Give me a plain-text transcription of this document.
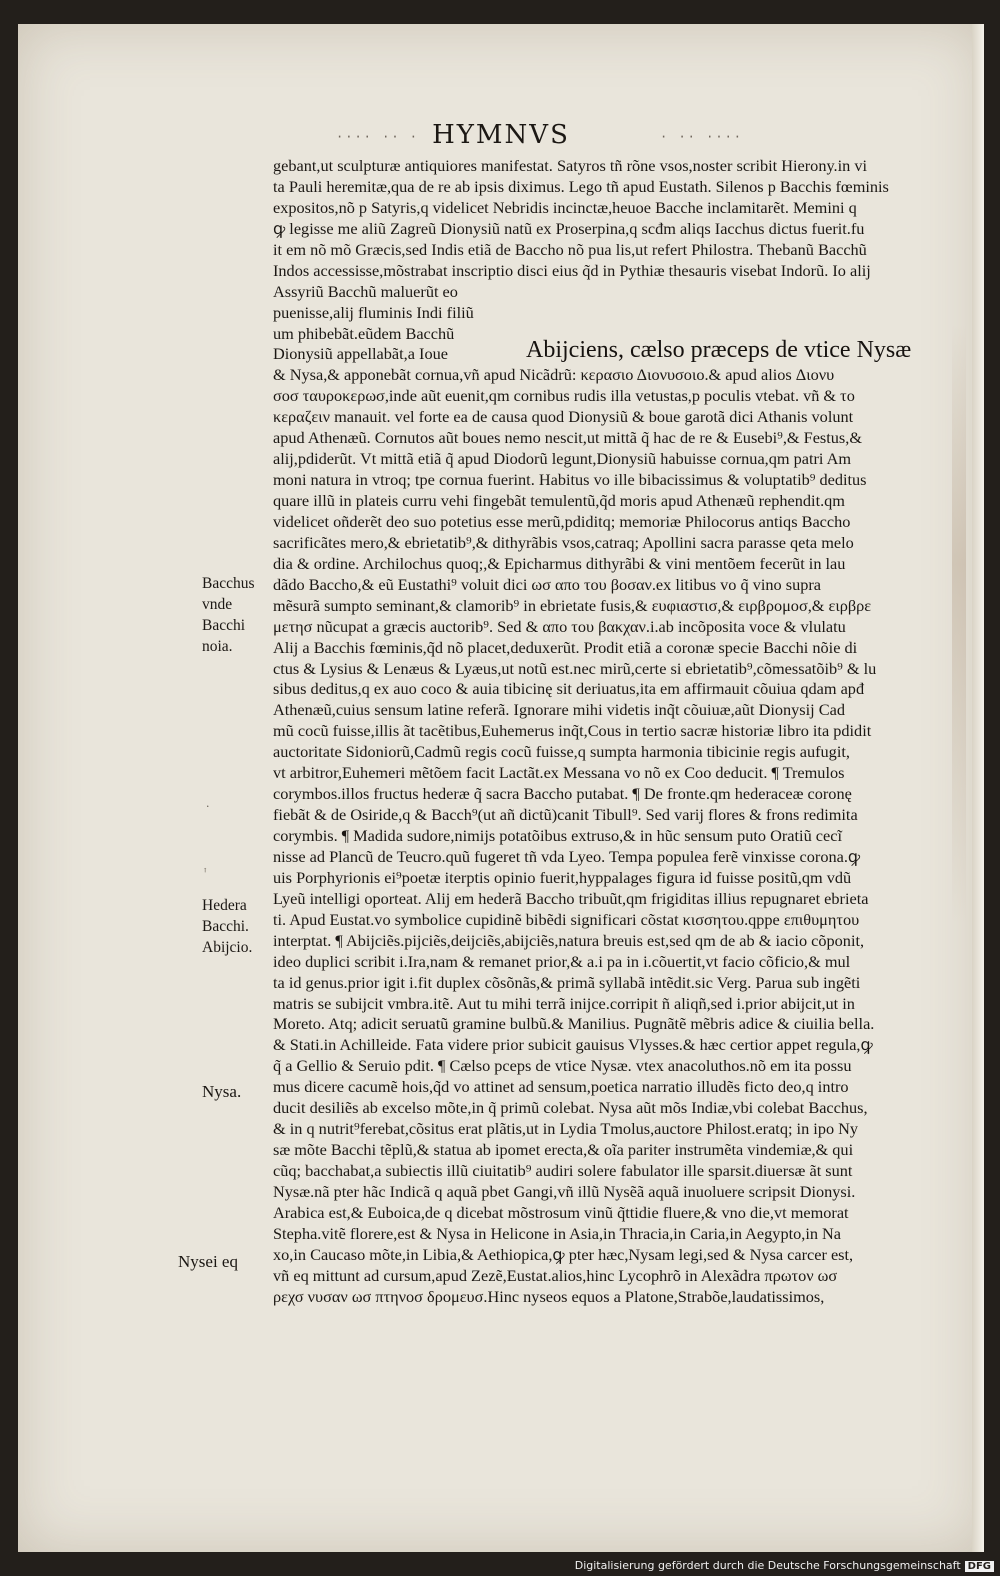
···· ·· ·	· ·· ····
HYMNVS
Abijciens, cælso præceps de vtice Nysæ
gebant,ut sculpturæ antiquiores manifestat. Satyros tñ rõne vsos,noster scribit Hierony.in vi
ta Pauli heremitæ,qua de re ab ipsis diximus. Lego tñ apud Eustath. Silenos p Bacchis fœminis
expositos,nõ p Satyris,q videlicet Nebridis incinctæ,heuoe Bacche inclamitarẽt. Memini q
ꝙ legisse me aliũ Zagreũ Dionysiũ natũ ex Proserpina,q scđm aliqs Iacchus dictus fuerit.fu
it em nõ mõ Græcis,sed Indis etiã de Baccho nõ pua lis,ut refert Philostra. Thebanũ Bacchũ
Indos accessisse,mõstrabat inscriptio disci eius q̃d in Pythiæ thesauris visebat Indorũ. Io alij
Assyriũ Bacchũ maluerũt eo
puenisse,alij fluminis Indi filiũ
um phibebãt.eũdem Bacchũ
Dionysiũ appellabãt,a Ioue
& Nysa,& apponebãt cornua,vñ apud Nicãdrũ: κερασιο Διονυσοιο.& apud alios Διονυ
σοσ ταυροκερωσ,inde aũt euenit,qm cornibus rudis illa vetustas,p poculis vtebat. vñ & το
κεραζειν manauit. vel forte ea de causa quod Dionysiũ & boue garotã dici Athanis volunt
apud Athenæũ. Cornutos aũt boues nemo nescit,ut mittã q̃ hac de re & Eusebi⁹,& Festus,&
alij,pdiderũt. Vt mittã etiã q̃ apud Diodorũ legunt,Dionysiũ habuisse cornua,qm patri Am
moni natura in vtroq; tpe cornua fuerint. Habitus vo ille bibacissimus & voluptatib⁹ deditus
quare illũ in plateis curru vehi fingebãt temulentũ,q̃d moris apud Athenæũ rephendit.qm
videlicet oñderẽt deo suo potetius esse merũ,pdiditq; memoriæ Philocorus antiqs Baccho
sacrificãtes mero,& ebrietatib⁹,& dithyrãbis vsos,catraq; Apollini sacra parasse qeta melo
dia & ordine. Archilochus quoq;,& Epicharmus dithyrãbi & vini mentõem fecerũt in lau
dãdo Baccho,& eũ Eustathi⁹ voluit dici ωσ απο του βοσαν.ex litibus vo q̃ vino supra
mẽsurã sumpto seminant,& clamorib⁹ in ebrietate fusis,& ευφιαστισ,& ειρβρομοσ,& ειρβρε
μετησ nũcupat a græcis auctorib⁹. Sed & απο του βακχαν.i.ab incõposita voce & vlulatu
Alij a Bacchis fœminis,q̃d nõ placet,deduxerũt. Prodit etiã a coronæ specie Bacchi nõie di
ctus & Lysius & Lenæus & Lyæus,ut notũ est.nec mirũ,certe si ebrietatib⁹,cõmessatõib⁹ & lu
sibus deditus,q ex auo coco & auia tibicinę sit deriuatus,ita em affirmauit cõuiua qdam apđ
Athenæũ,cuius sensum latine referã. Ignorare mihi videtis inq̃t cõuiuæ,aũt Dionysij Cad
mũ cocũ fuisse,illis ãt tacẽtibus,Euhemerus inq̃t,Cous in tertio sacræ historiæ libro ita pdidit
auctoritate Sidoniorũ,Cadmũ regis cocũ fuisse,q sumpta harmonia tibicinie regis aufugit,
vt arbitror,Euhemeri mẽtõem facit Lactãt.ex Messana vo nõ ex Coo deducit. ¶ Tremulos
corymbos.illos fructus hederæ q̃ sacra Baccho putabat. ¶ De fronte.qm hederaceæ coronę
fiebãt & de Osiride,q & Bacch⁹(ut añ dictũ)canit Tibull⁹. Sed varij flores & frons redimita
corymbis. ¶ Madida sudore,nimijs potatõibus extruso,& in hũc sensum puto Oratiũ cecĩ
nisse ad Plancũ de Teucro.quũ fugeret tñ vda Lyeo. Tempa populea ferẽ vinxisse corona.ꝙ
uis Porphyrionis ei⁹poetæ iterptis opinio fuerit,hyppalages figura id fuisse positũ,qm vdũ
Lyeũ intelligi oporteat. Alij em hederã Baccho tribuũt,qm frigiditas illius repugnaret ebrieta
ti. Apud Eustat.vo symbolice cupidinẽ bibẽdi significari cõstat κισσητου.qppe επιθυμητου
interptat. ¶ Abijciẽs.pijciẽs,deijciẽs,abijciẽs,natura breuis est,sed qm de ab & iacio cõponit,
ideo duplici scribit i.Ira,nam & remanet prior,& a.i pa in i.cõuertit,vt facio cõficio,& mul
ta id genus.prior igit i.fit duplex cõsõnãs,& primã syllabã intẽdit.sic Verg. Parua sub ingẽti
matris se subijcit vmbra.itẽ. Aut tu mihi terrã inijce.corripit ñ aliqñ,sed i.prior abijcit,ut in
Moreto. Atq; adicit seruatũ gramine bulbũ.& Manilius. Pugnãtẽ mẽbris adice & ciuilia bella.
& Stati.in Achilleide. Fata videre prior subicit gauisus Vlysses.& hæc certior appet regula,ꝙ
q̃ a Gellio & Seruio pdit. ¶ Cælso pceps de vtice Nysæ. vtex anacoluthos.nõ em ita possu
mus dicere cacumẽ hois,q̃d vo attinet ad sensum,poetica narratio illudẽs ficto deo,q intro
ducit desiliẽs ab excelso mõte,in q̃ primũ colebat. Nysa aũt mõs Indiæ,vbi colebat Bacchus,
& in q nutrit⁹ferebat,cõsitus erat plãtis,ut in Lydia Tmolus,auctore Philost.eratq; in ipo Ny
sæ mõte Bacchi tẽplũ,& statua ab ipomet erecta,& oĩa pariter instrumẽta vindemiæ,& qui
cũq; bacchabat,a subiectis illũ ciuitatib⁹ audiri solere fabulator ille sparsit.diuersæ ãt sunt
Nysæ.nã pter hãc Indicã q aquã pbet Gangi,vñ illũ Nysẽã aquã inuoluere scripsit Dionysi.
Arabica est,& Euboica,de q dicebat mõstrosum vinũ q̃ttidie fluere,& vno die,vt memorat
Stepha.vitẽ florere,est & Nysa in Helicone in Asia,in Thracia,in Caria,in Aegypto,in Na
xo,in Caucaso mõte,in Libia,& Aethiopica,ꝙ pter hæc,Nysam legi,sed & Nysa carcer est,
vñ eq mittunt ad cursum,apud Zezẽ,Eustat.alios,hinc Lycophrõ in Alexãdra πρωτον ωσ
ρεχσ νυσαν ωσ πτηνοσ δρομευσ.Hinc nyseos equos a Platone,Strabõe,laudatissimos,
Bacchus
vnde
Bacchi
noia.
·
ꜛ
Hedera
Bacchi.
Abijcio.
Nysa.
Nysei eq
Digitalisierung gefördert durch die Deutsche Forschungsgemeinschaft DFG
